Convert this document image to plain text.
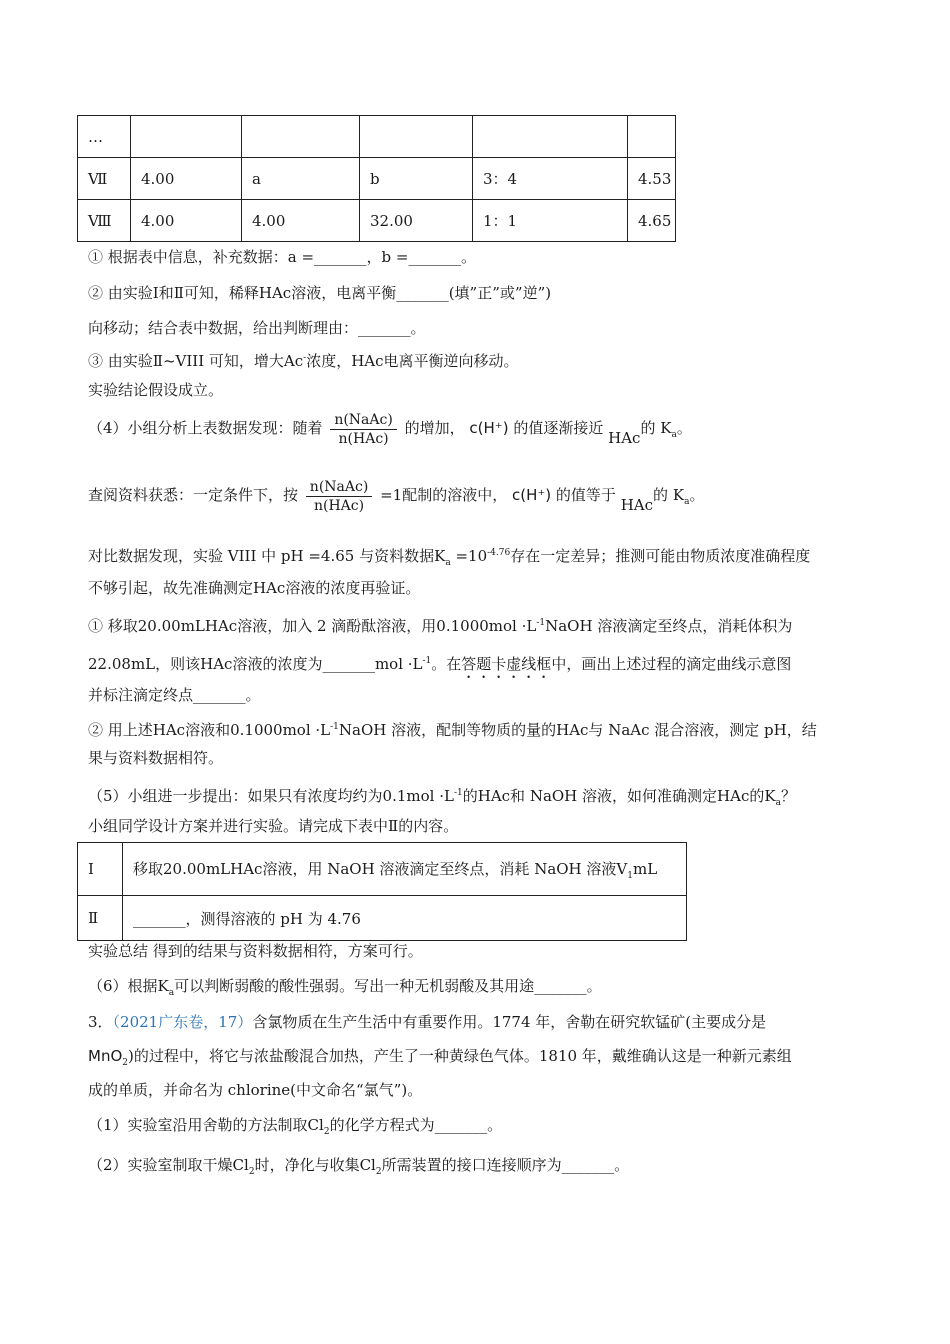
…					
Ⅶ	4.00	a	b	3：4	4.53
Ⅷ	4.00	4.00	32.00	1：1	4.65
① 根据表中信息，补充数据：a =_______，b =_______。
② 由实验Ⅰ和Ⅱ可知，稀释HAc溶液，电离平衡_______(填”正”或”逆”)
向移动；结合表中数据，给出判断理由：_______。
③ 由实验Ⅱ~VIII 可知，增大Ac-浓度，HAc电离平衡逆向移动。
实验结论假设成立。
（4）小组分析上表数据发现：随着 $\frac{\text{n(NaAc)}}{\text{n(HAc)}}$ 的增加， c(H⁺) 的值逐渐接近 HAc的 $K_a$。
查阅资料获悉：一定条件下，按 $\frac{\text{n(NaAc)}}{\text{n(HAc)}} =1$配制的溶液中， c(H⁺) 的值等于 HAc的 $K_a$。
对比数据发现，实验 VIII 中 pH =4.65 与资料数据$K_a =10^{-4.76}$存在一定差异；推测可能由物质浓度准确程度
不够引起，故先准确测定HAc溶液的浓度再验证。
① 移取20.00mLHAc溶液，加入 2 滴酚酞溶液，用$0.1000mol \cdot L^{-1}NaOH$ 溶液滴定至终点，消耗体积为
22.08mL，则该HAc溶液的浓度为_______mol $\cdot L^{-1}$。在答题卡虚线框中，画出上述过程的滴定曲线示意图
并标注滴定终点_______。
② 用上述HAc溶液和$0.1000mol \cdot L^{-1}NaOH$ 溶液，配制等物质的量的HAc与 NaAc 混合溶液，测定 pH，结
果与资料数据相符。
（5）小组进一步提出：如果只有浓度均约为$0.1mol \cdot L^{-1}$的HAc和 NaOH 溶液，如何准确测定HAc的$K_a$？
小组同学设计方案并进行实验。请完成下表中Ⅱ的内容。
Ⅰ	移取20.00mLHAc溶液，用 NaOH 溶液滴定至终点，消耗 NaOH 溶液$V_1mL$
Ⅱ	_______，测得溶液的 pH 为 4.76
实验总结 得到的结果与资料数据相符，方案可行。
（6）根据$K_a$可以判断弱酸的酸性强弱。写出一种无机弱酸及其用途_______。
3．（2021广东卷，17）含氯物质在生产生活中有重要作用。1774 年，舍勒在研究软锰矿(主要成分是
MnO$_2$)的过程中，将它与浓盐酸混合加热，产生了一种黄绿色气体。1810 年，戴维确认这是一种新元素组
成的单质，并命名为 chlorine(中文命名“氯气”)。
（1）实验室沿用舍勒的方法制取$Cl_2$的化学方程式为_______。
（2）实验室制取干燥$Cl_2$时，净化与收集$Cl_2$所需装置的接口连接顺序为_______。
